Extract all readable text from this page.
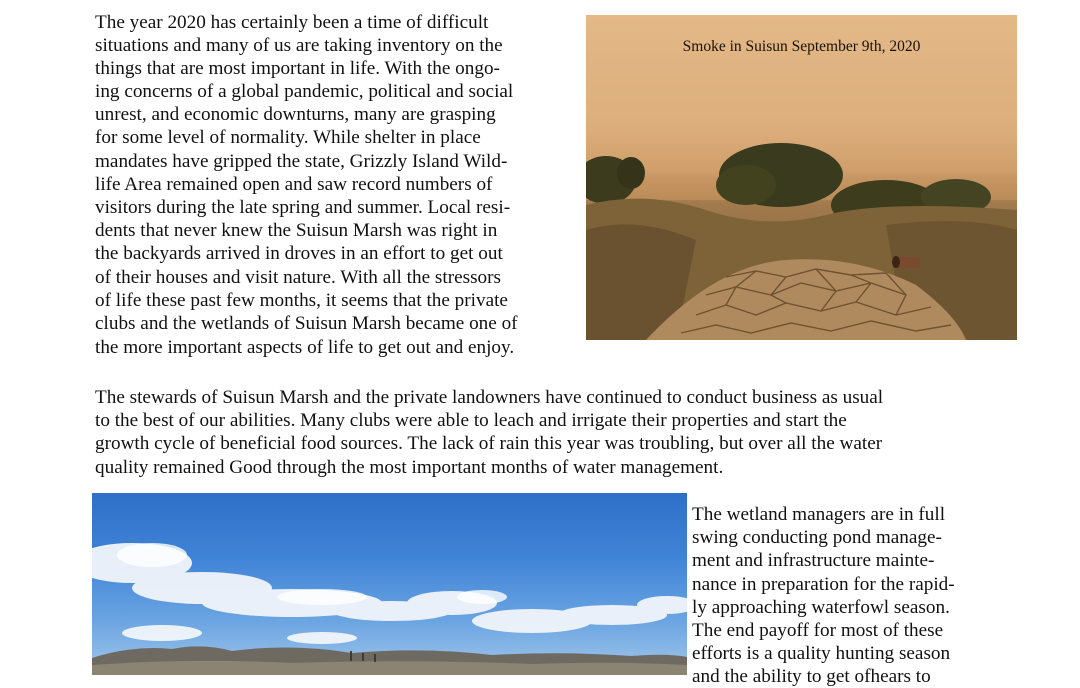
The year 2020 has certainly been a time of difficult
situations and many of us are taking inventory on the
things that are most important in life. With the ongo-
ing concerns of a global pandemic, political and social
unrest, and economic downturns, many are grasping
for some level of normality. While shelter in place
mandates have gripped the state, Grizzly Island Wild-
life Area remained open and saw record numbers of
visitors during the late spring and summer. Local resi-
dents that never knew the Suisun Marsh was right in
the backyards arrived in droves in an effort to get out
of their houses and visit nature. With all the stressors
of life these past few months, it seems that the private
clubs and the wetlands of Suisun Marsh became one of
the more important aspects of life to get out and enjoy.
Smoke in Suisun September 9th, 2020
The stewards of Suisun Marsh and the private landowners have continued to conduct business as usual
to the best of our abilities. Many clubs were able to leach and irrigate their properties and start the
growth cycle of beneficial food sources. The lack of rain this year was troubling, but over all the water
quality remained Good through the most important months of water management.
The wetland managers are in full
swing conducting pond manage-
ment and infrastructure mainte-
nance in preparation for the rapid-
ly approaching waterfowl season.
The end payoff for most of these
efforts is a quality hunting season
and the ability to get ofhears to
